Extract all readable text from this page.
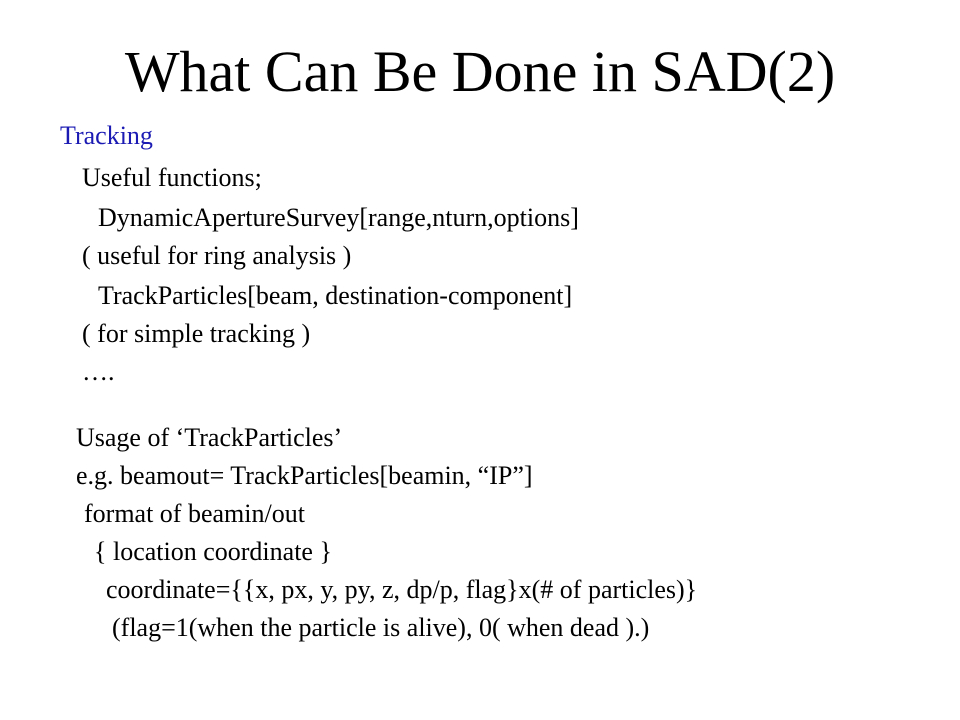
What Can Be Done in SAD(2)
Tracking
Useful functions;
DynamicApertureSurvey[range,nturn,options]
( useful for ring analysis )
TrackParticles[beam, destination-component]
( for simple tracking )
….
Usage of ‘TrackParticles’
e.g. beamout= TrackParticles[beamin, “IP”]
format of beamin/out
{ location coordinate }
coordinate={{x, px, y, py, z, dp/p, flag}x(# of particles)}
(flag=1(when the particle is alive), 0( when dead ).)
